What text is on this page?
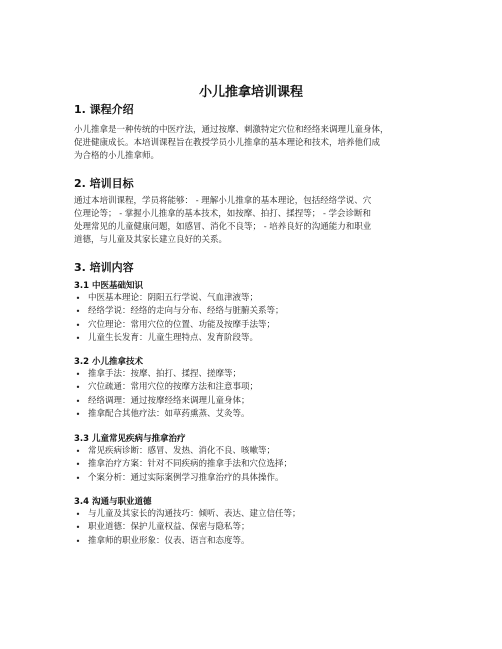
小儿推拿培训课程
1. 课程介绍
小儿推拿是一种传统的中医疗法，通过按摩、刺激特定穴位和经络来调理儿童身体，
促进健康成长。本培训课程旨在教授学员小儿推拿的基本理论和技术，培养他们成
为合格的小儿推拿师。
2. 培训目标
通过本培训课程，学员将能够： - 理解小儿推拿的基本理论，包括经络学说、穴
位理论等； - 掌握小儿推拿的基本技术，如按摩、拍打、揉捏等； - 学会诊断和
处理常见的儿童健康问题，如感冒、消化不良等； - 培养良好的沟通能力和职业
道德，与儿童及其家长建立良好的关系。
3. 培训内容
3.1 中医基础知识
• 中医基本理论：阴阳五行学说、气血津液等；
• 经络学说：经络的走向与分布、经络与脏腑关系等；
• 穴位理论：常用穴位的位置、功能及按摩手法等；
• 儿童生长发育：儿童生理特点、发育阶段等。
3.2 小儿推拿技术
• 推拿手法：按摩、拍打、揉捏、搓摩等；
• 穴位疏通：常用穴位的按摩方法和注意事项；
• 经络调理：通过按摩经络来调理儿童身体；
• 推拿配合其他疗法：如草药熏蒸、艾灸等。
3.3 儿童常见疾病与推拿治疗
• 常见疾病诊断：感冒、发热、消化不良、咳嗽等；
• 推拿治疗方案：针对不同疾病的推拿手法和穴位选择；
• 个案分析：通过实际案例学习推拿治疗的具体操作。
3.4 沟通与职业道德
• 与儿童及其家长的沟通技巧：倾听、表达、建立信任等；
• 职业道德：保护儿童权益、保密与隐私等；
• 推拿师的职业形象：仪表、语言和态度等。
